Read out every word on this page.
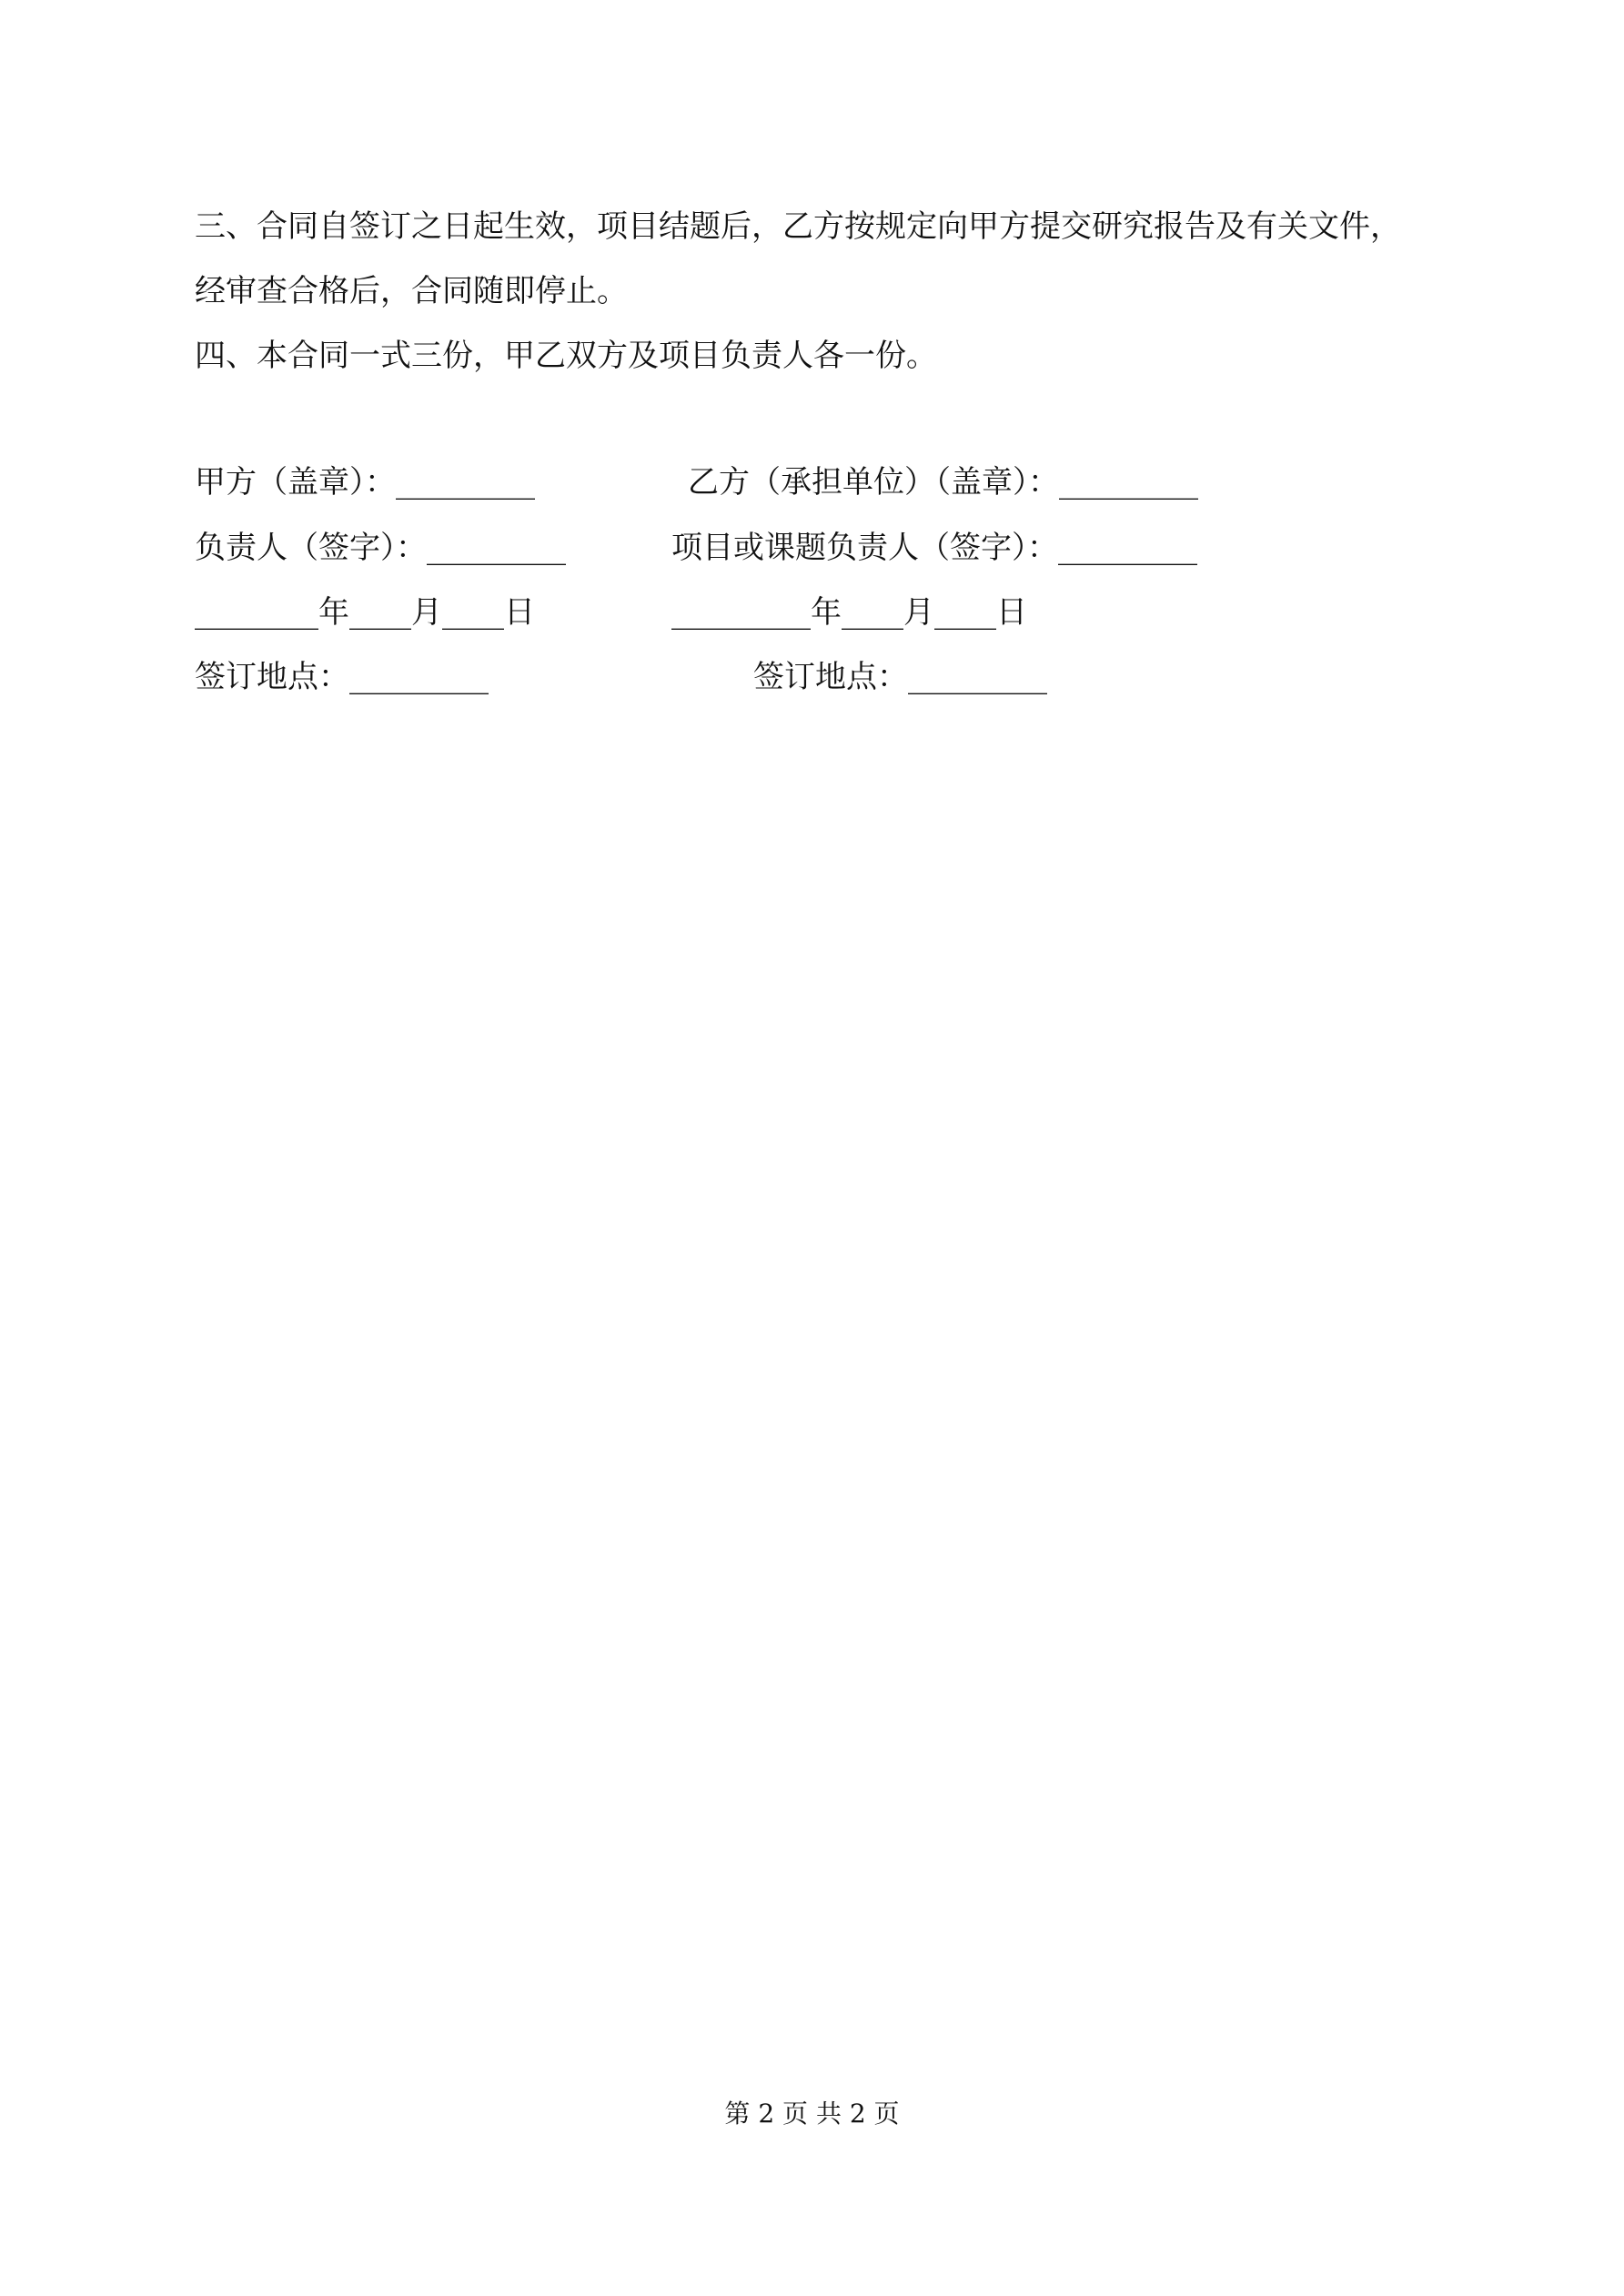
三、合同自签订之日起生效，项目结题后，乙方按规定向甲方提交研究报告及有关文件，

经审查合格后，合同随即停止。

四、本合同一式三份，甲乙双方及项目负责人各一份。

甲方（盖章）：_________	乙方（承担单位）（盖章）：_________
负责人（签字）：_________	项目或课题负责人（签字）：_________
________年____月____日	_________年____月____日
签订地点：_________	签订地点：_________
第 2 页 共 2 页
